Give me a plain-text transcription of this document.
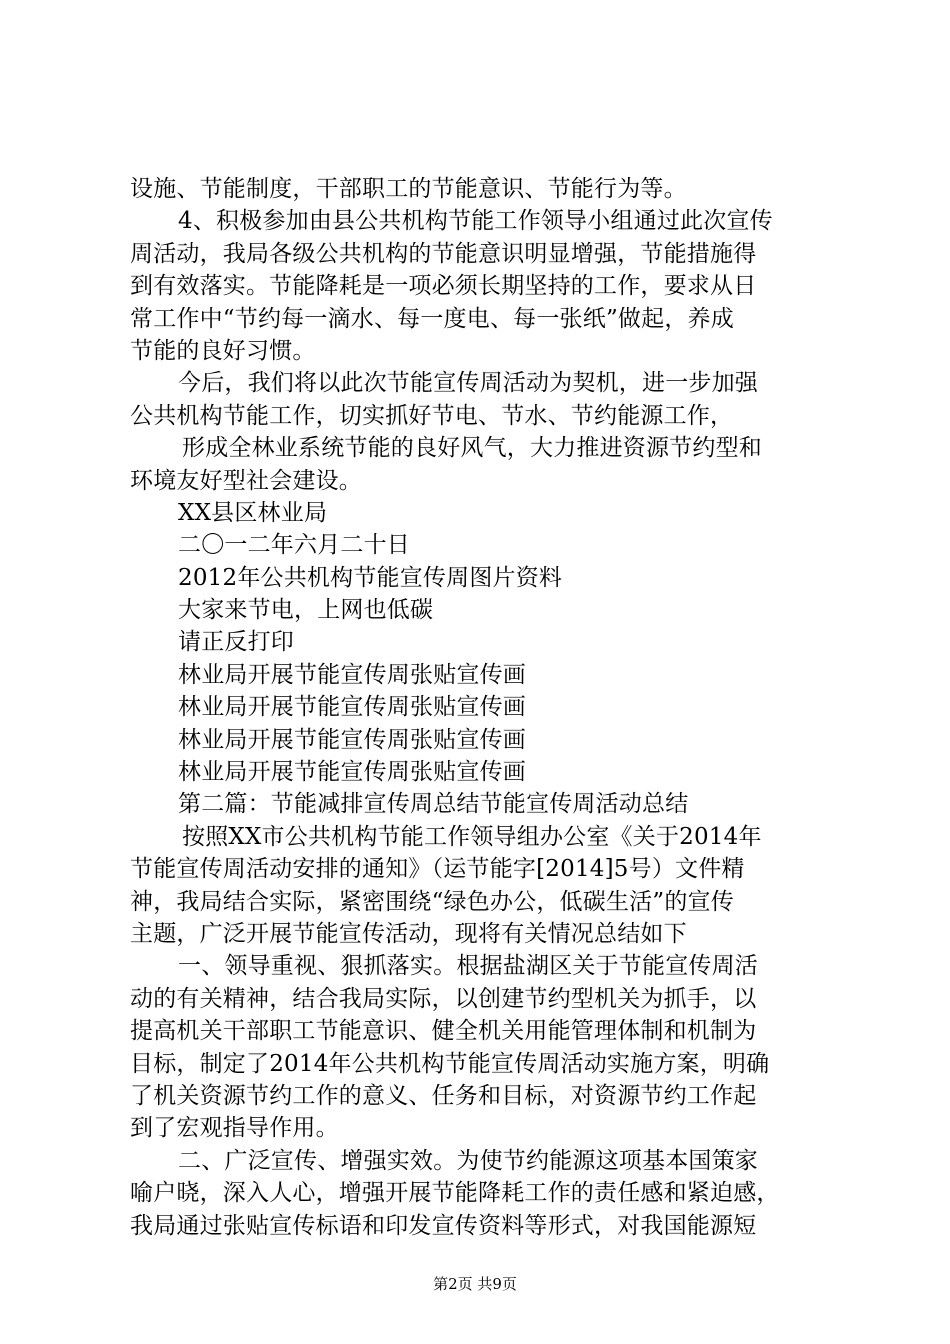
设施、节能制度，干部职工的节能意识、节能行为等。
4、积极参加由县公共机构节能工作领导小组通过此次宣传
周活动，我局各级公共机构的节能意识明显增强，节能措施得
到有效落实。节能降耗是一项必须长期坚持的工作，要求从日
常工作中“节约每一滴水、每一度电、每一张纸”做起，养成
节能的良好习惯。
今后，我们将以此次节能宣传周活动为契机，进一步加强
公共机构节能工作，切实抓好节电、节水、节约能源工作，
形成全林业系统节能的良好风气，大力推进资源节约型和
环境友好型社会建设。
XX县区林业局
二〇一二年六月二十日
2012年公共机构节能宣传周图片资料
大家来节电，上网也低碳
请正反打印
林业局开展节能宣传周张贴宣传画
林业局开展节能宣传周张贴宣传画
林业局开展节能宣传周张贴宣传画
林业局开展节能宣传周张贴宣传画
第二篇：节能减排宣传周总结节能宣传周活动总结
按照XX市公共机构节能工作领导组办公室《关于2014年
节能宣传周活动安排的通知》（运节能字[2014]5号）文件精
神，我局结合实际，紧密围绕“绿色办公，低碳生活”的宣传
主题，广泛开展节能宣传活动，现将有关情况总结如下
一、领导重视、狠抓落实。根据盐湖区关于节能宣传周活
动的有关精神，结合我局实际，以创建节约型机关为抓手，以
提高机关干部职工节能意识、健全机关用能管理体制和机制为
目标，制定了2014年公共机构节能宣传周活动实施方案，明确
了机关资源节约工作的意义、任务和目标，对资源节约工作起
到了宏观指导作用。
二、广泛宣传、增强实效。为使节约能源这项基本国策家
喻户晓，深入人心，增强开展节能降耗工作的责任感和紧迫感，
我局通过张贴宣传标语和印发宣传资料等形式，对我国能源短
第2页 共9页
